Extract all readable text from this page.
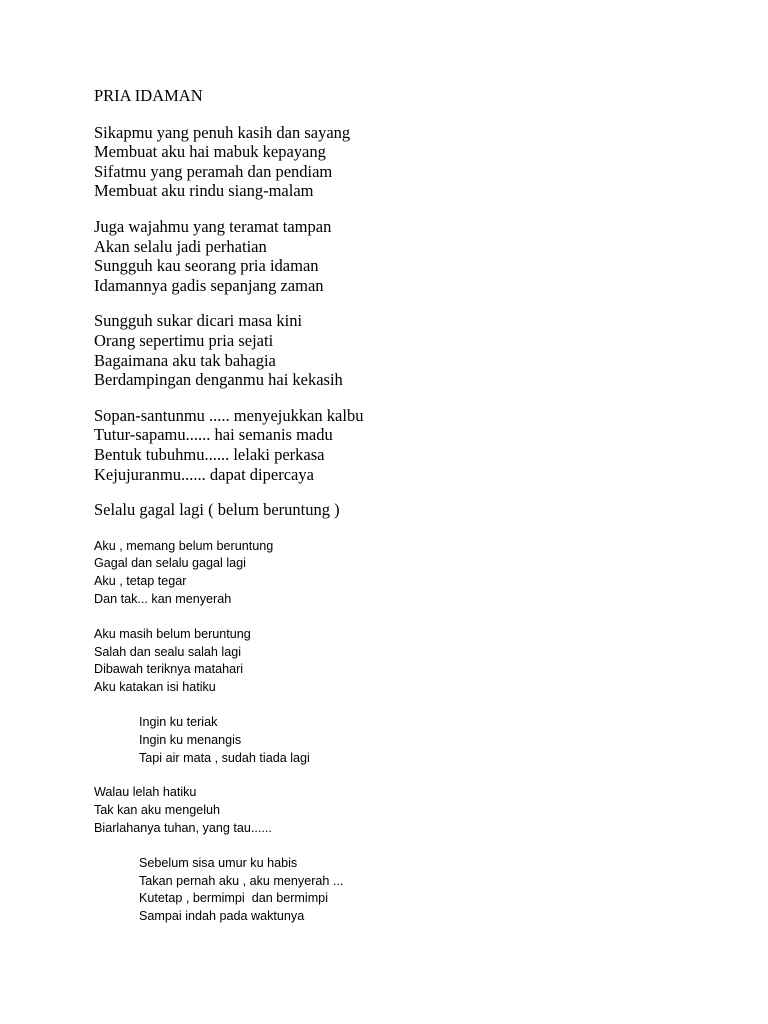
PRIA IDAMAN
Sikapmu yang penuh kasih dan sayang
Membuat aku hai mabuk kepayang
Sifatmu yang peramah dan pendiam
Membuat aku rindu siang-malam
Juga wajahmu yang teramat tampan
Akan selalu jadi perhatian
Sungguh kau seorang pria idaman
Idamannya gadis sepanjang zaman
Sungguh sukar dicari masa kini
Orang sepertimu pria sejati
Bagaimana aku tak bahagia
Berdampingan denganmu hai kekasih
Sopan-santunmu ..... menyejukkan kalbu
Tutur-sapamu...... hai semanis madu
Bentuk tubuhmu...... lelaki perkasa
Kejujuranmu...... dapat dipercaya
Selalu gagal lagi ( belum beruntung )
Aku , memang belum beruntung
Gagal dan selalu gagal lagi
Aku , tetap tegar
Dan tak... kan menyerah
Aku masih belum beruntung
Salah dan sealu salah lagi
Dibawah teriknya matahari
Aku katakan isi hatiku
Ingin ku teriak
Ingin ku menangis
Tapi air mata , sudah tiada lagi
Walau lelah hatiku
Tak kan aku mengeluh
Biarlahanya tuhan, yang tau......
Sebelum sisa umur ku habis
Takan pernah aku , aku menyerah ...
Kutetap , bermimpi  dan bermimpi
Sampai indah pada waktunya
